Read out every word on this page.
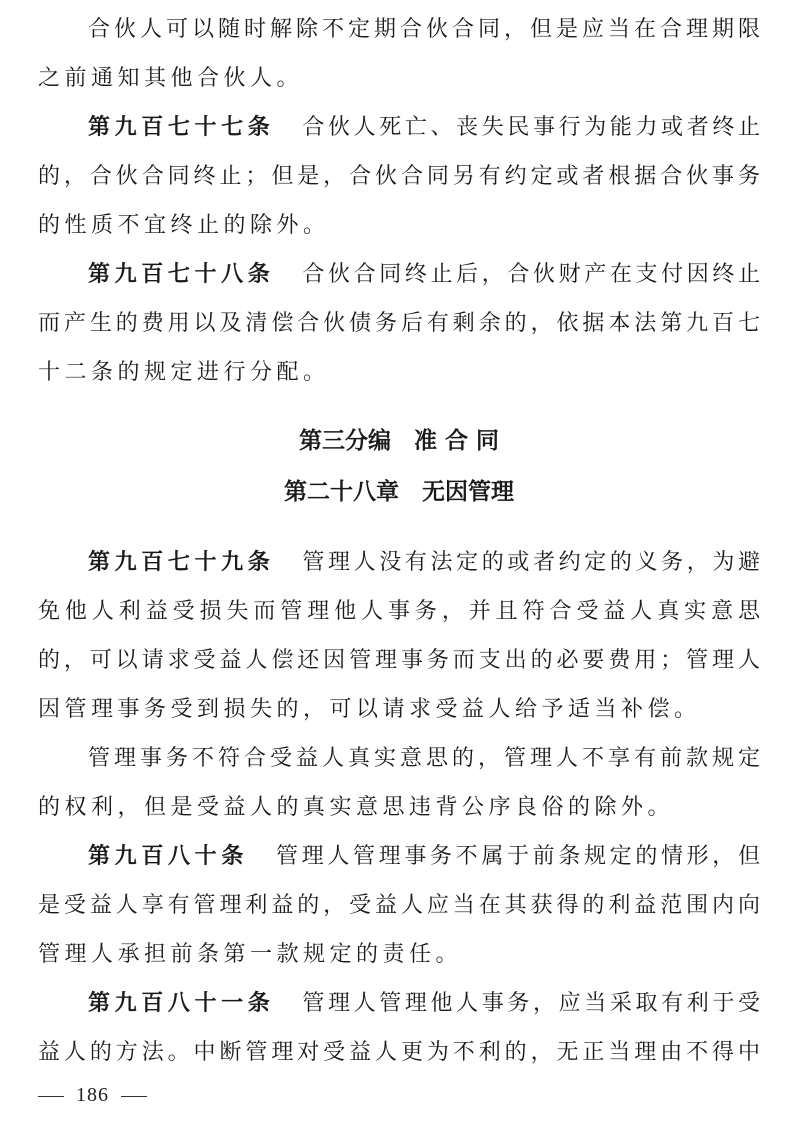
合伙人可以随时解除不定期合伙合同，但是应当在合理期限
之前通知其他合伙人。
第九百七十七条 合伙人死亡、丧失民事行为能力或者终止
的，合伙合同终止；但是，合伙合同另有约定或者根据合伙事务
的性质不宜终止的除外。
第九百七十八条 合伙合同终止后，合伙财产在支付因终止
而产生的费用以及清偿合伙债务后有剩余的，依据本法第九百七
十二条的规定进行分配。
第三分编　准 合 同
第二十八章　无因管理
第九百七十九条 管理人没有法定的或者约定的义务，为避
免他人利益受损失而管理他人事务，并且符合受益人真实意思
的，可以请求受益人偿还因管理事务而支出的必要费用；管理人
因管理事务受到损失的，可以请求受益人给予适当补偿。
管理事务不符合受益人真实意思的，管理人不享有前款规定
的权利，但是受益人的真实意思违背公序良俗的除外。
第九百八十条 管理人管理事务不属于前条规定的情形，但
是受益人享有管理利益的，受益人应当在其获得的利益范围内向
管理人承担前条第一款规定的责任。
第九百八十一条 管理人管理他人事务，应当采取有利于受
益人的方法。中断管理对受益人更为不利的，无正当理由不得中
186
